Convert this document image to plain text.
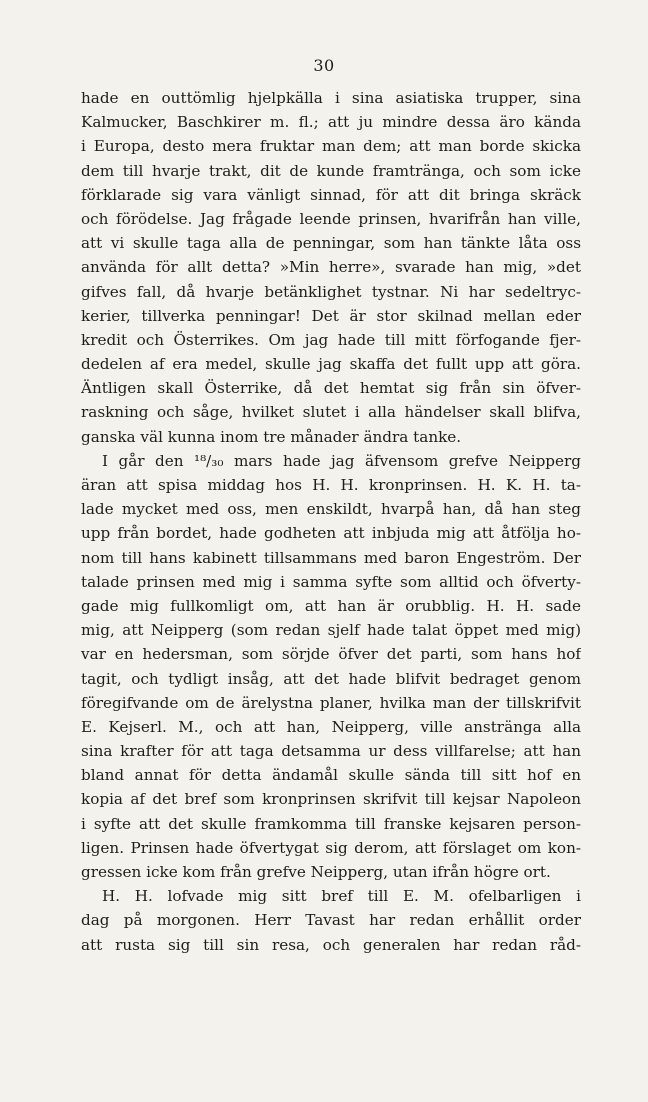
30
hade en outtömlig hjelpkälla i sina asiatiska trupper, sina
Kalmucker, Baschkirer m. fl.; att ju mindre dessa äro kända
i Europa, desto mera fruktar man dem; att man borde skicka
dem till hvarje trakt, dit de kunde framtränga, och som icke
förklarade sig vara vänligt sinnad, för att dit bringa skräck
och förödelse. Jag frågade leende prinsen, hvarifrån han ville,
att vi skulle taga alla de penningar, som han tänkte låta oss
använda för allt detta? »Min herre», svarade han mig, »det
gifves fall, då hvarje betänklighet tystnar. Ni har sedeltryc-
kerier, tillverka penningar! Det är stor skilnad mellan eder
kredit och Österrikes. Om jag hade till mitt förfogande fjer-
dedelen af era medel, skulle jag skaffa det fullt upp att göra.
Äntligen skall Österrike, då det hemtat sig från sin öfver-
raskning och såge, hvilket slutet i alla händelser skall blifva,
ganska väl kunna inom tre månader ändra tanke.
I går den ¹⁸/₃₀ mars hade jag äfvensom grefve Neipperg
äran att spisa middag hos H. H. kronprinsen. H. K. H. ta-
lade mycket med oss, men enskildt, hvarpå han, då han steg
upp från bordet, hade godheten att inbjuda mig att åtfölja ho-
nom till hans kabinett tillsammans med baron Engeström. Der
talade prinsen med mig i samma syfte som alltid och öfverty-
gade mig fullkomligt om, att han är orubblig. H. H. sade
mig, att Neipperg (som redan sjelf hade talat öppet med mig)
var en hedersman, som sörjde öfver det parti, som hans hof
tagit, och tydligt insåg, att det hade blifvit bedraget genom
föregifvande om de ärelystna planer, hvilka man der tillskrifvit
E. Kejserl. M., och att han, Neipperg, ville anstränga alla
sina krafter för att taga detsamma ur dess villfarelse; att han
bland annat för detta ändamål skulle sända till sitt hof en
kopia af det bref som kronprinsen skrifvit till kejsar Napoleon
i syfte att det skulle framkomma till franske kejsaren person-
ligen. Prinsen hade öfvertygat sig derom, att förslaget om kon-
gressen icke kom från grefve Neipperg, utan ifrån högre ort.
H. H. lofvade mig sitt bref till E. M. ofelbarligen i
dag på morgonen. Herr Tavast har redan erhållit order
att rusta sig till sin resa, och generalen har redan råd-
